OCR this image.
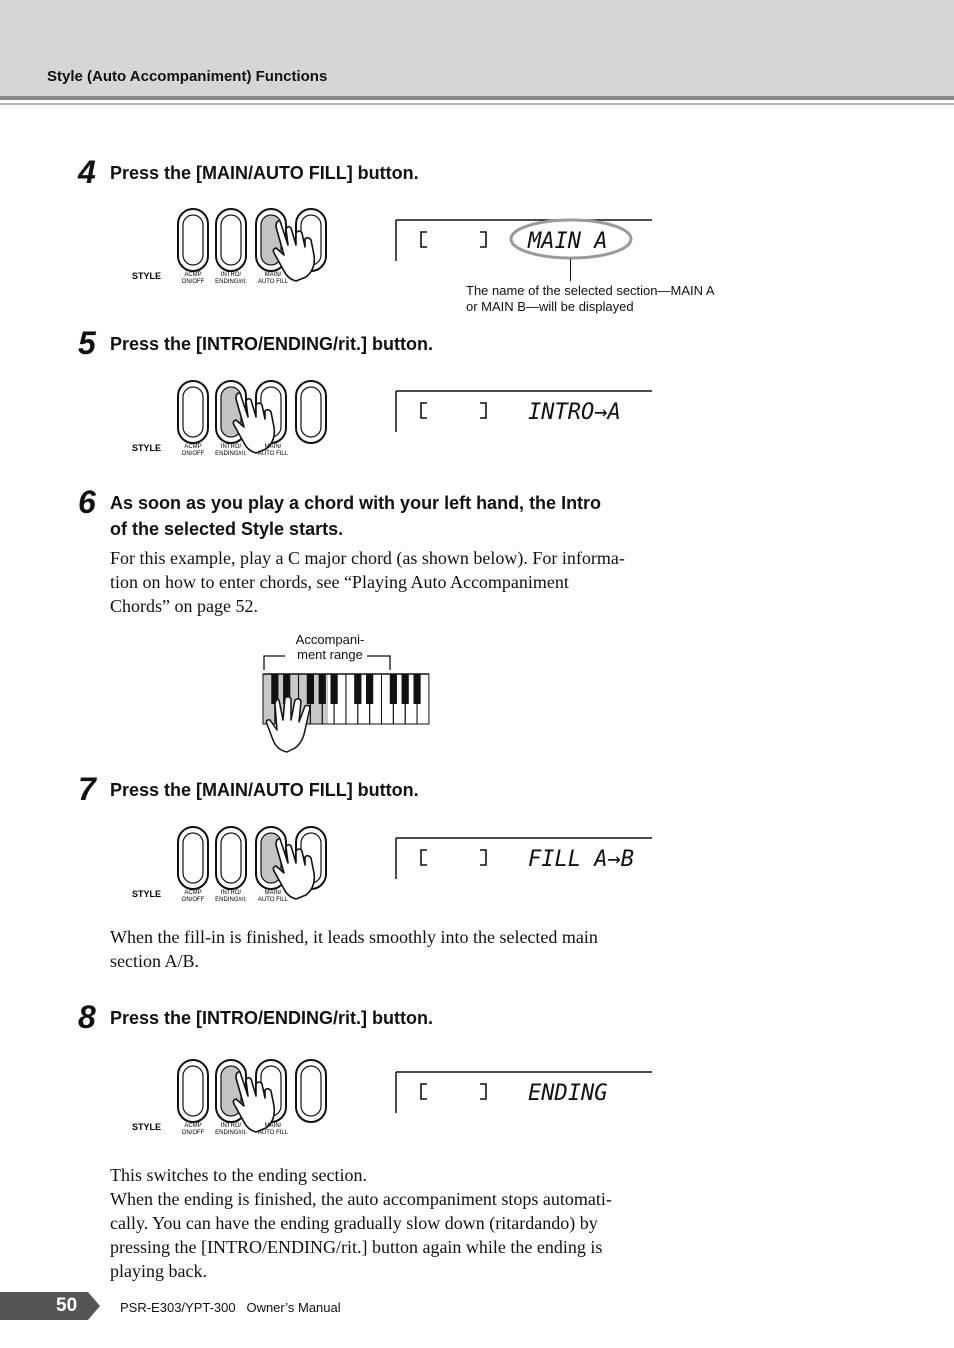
Style (Auto Accompaniment) Functions
4 Press the [MAIN/AUTO FILL] button.
STYLE	ACMP
ON/OFF
INTRO/
ENDING/rit.
MAIN/
AUTO FILL
MAIN A
The name of the selected section—MAIN A
or MAIN B—will be displayed
5 Press the [INTRO/ENDING/rit.] button.
STYLE	ACMP
ON/OFF
INTRO/
ENDING/rit.
MAIN/
AUTO FILL
INTRO→A
6 As soon as you play a chord with your left hand, the Intro
of the selected Style starts.
For this example, play a C major chord (as shown below). For informa-
tion on how to enter chords, see “Playing Auto Accompaniment
Chords” on page 52.
Accompani-
ment range
7 Press the [MAIN/AUTO FILL] button.
STYLE	ACMP
ON/OFF
INTRO/
ENDING/rit.
MAIN/
AUTO FILL
FILL A→B
When the fill-in is finished, it leads smoothly into the selected main
section A/B.
8 Press the [INTRO/ENDING/rit.] button.
STYLE	ACMP
ON/OFF
INTRO/
ENDING/rit.
MAIN/
AUTO FILL
ENDING
This switches to the ending section.
When the ending is finished, the auto accompaniment stops automati-
cally. You can have the ending gradually slow down (ritardando) by
pressing the [INTRO/ENDING/rit.] button again while the ending is
playing back.
50	PSR-E303/YPT-300   Owner’s Manual
